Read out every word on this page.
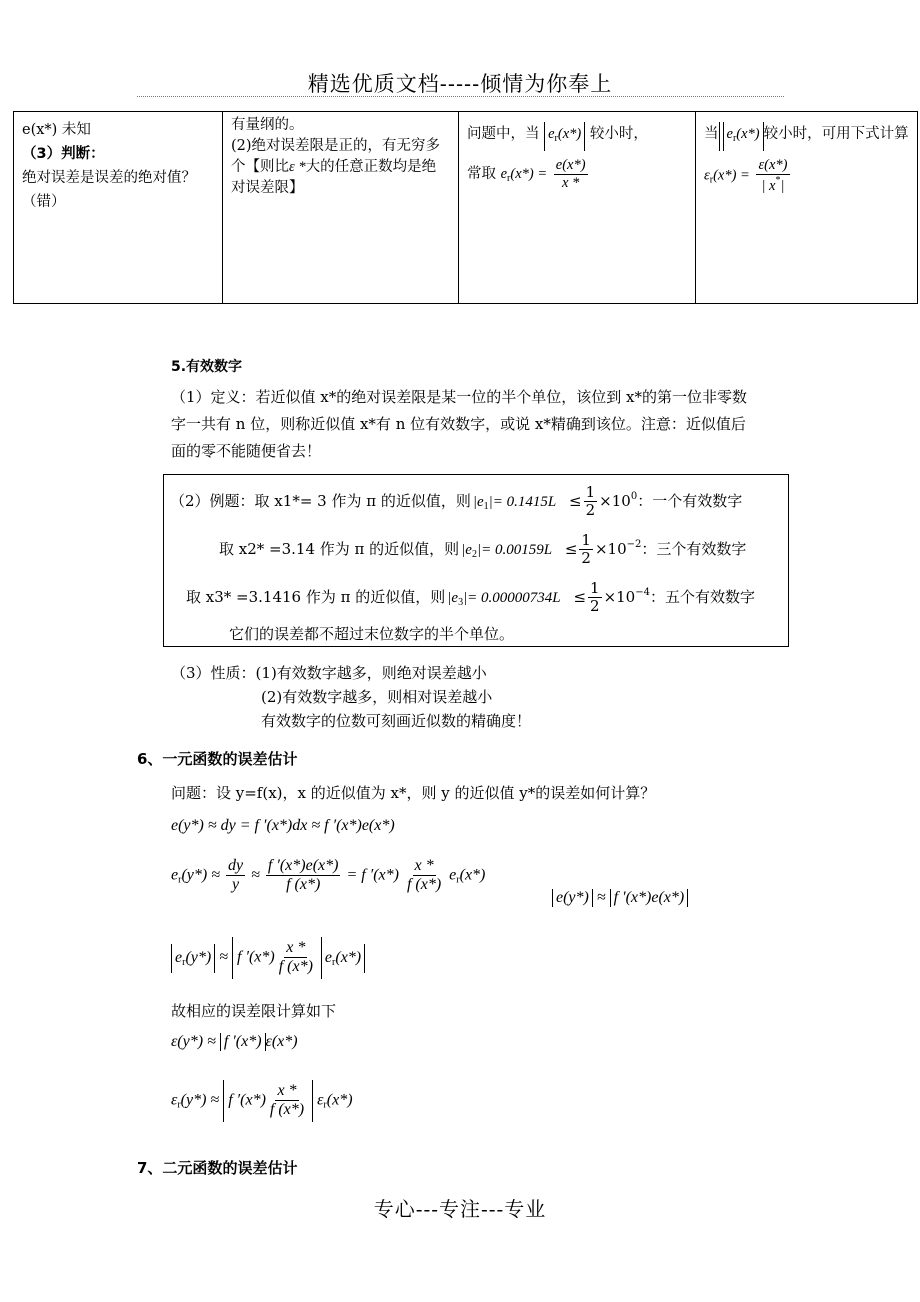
精选优质文档-----倾情为你奉上
e(x*) 未知
（3）判断：
绝对误差是误差的绝对值？
（错）

有量纲的。
(2)绝对误差限是正的，有无穷多个【则比ε *大的任意正数均是绝对误差限】

问题中，当 $e_r(x*)$ 较小时，
常取 $e_r(x*) = \frac{e(x*)}{x *}$

当 $e_r(x*)$ 较小时，可用下式计算
$\varepsilon_r(x*) = \frac{\varepsilon(x*)}{| x^*|}$
5.有效数字
（1）定义：若近似值 x*的绝对误差限是某一位的半个单位，该位到 x*的第一位非零数
字一共有 n 位，则称近似值 x*有 n 位有效数字，或说 x*精确到该位。注意：近似值后
面的零不能随便省去！
（2）例题：取 x1*= 3 作为 π 的近似值，则 $|e_1|= 0.1415L \le \frac{1}{2} \times 10^0$：一个有效数字
取 x2* =3.14 作为 π 的近似值，则 $|e_2|= 0.00159L \le \frac{1}{2} \times 10^{-2}$：三个有效数字
取 x3* =3.1416 作为 π 的近似值，则 $|e_3|= 0.00000734L \le \frac{1}{2} \times 10^{-4}$：五个有效数字
它们的误差都不超过末位数字的半个单位。
（3）性质：(1)有效数字越多，则绝对误差越小
(2)有效数字越多，则相对误差越小
有效数字的位数可刻画近似数的精确度！
6、一元函数的误差估计
问题：设 y=f(x)，x 的近似值为 x*，则 y 的近似值 y*的误差如何计算？
e(y*) ≈ dy = f ′(x*)dx ≈ f ′(x*)e(x*)
$e_r(y*) \approx \frac{dy}{y} \approx \frac{f '(x*)e(x*)}{f (x*)} = f$ $'(x*) \frac{x *}{f (x*)} e_r(x*)$
e(y*) ≈ f ′(x*)e(x*)
$e_r(y*) \approx f$ $'(x*) \frac{x *}{f (x*)} e_r(x*)$
故相应的误差限计算如下
ε(y*) ≈ f ′(x*) ε(x*)
$\varepsilon_r(y*) \approx f$ $'(x*) \frac{x *}{f (x*)} \varepsilon_r(x*)$
7、二元函数的误差估计
专心---专注---专业
